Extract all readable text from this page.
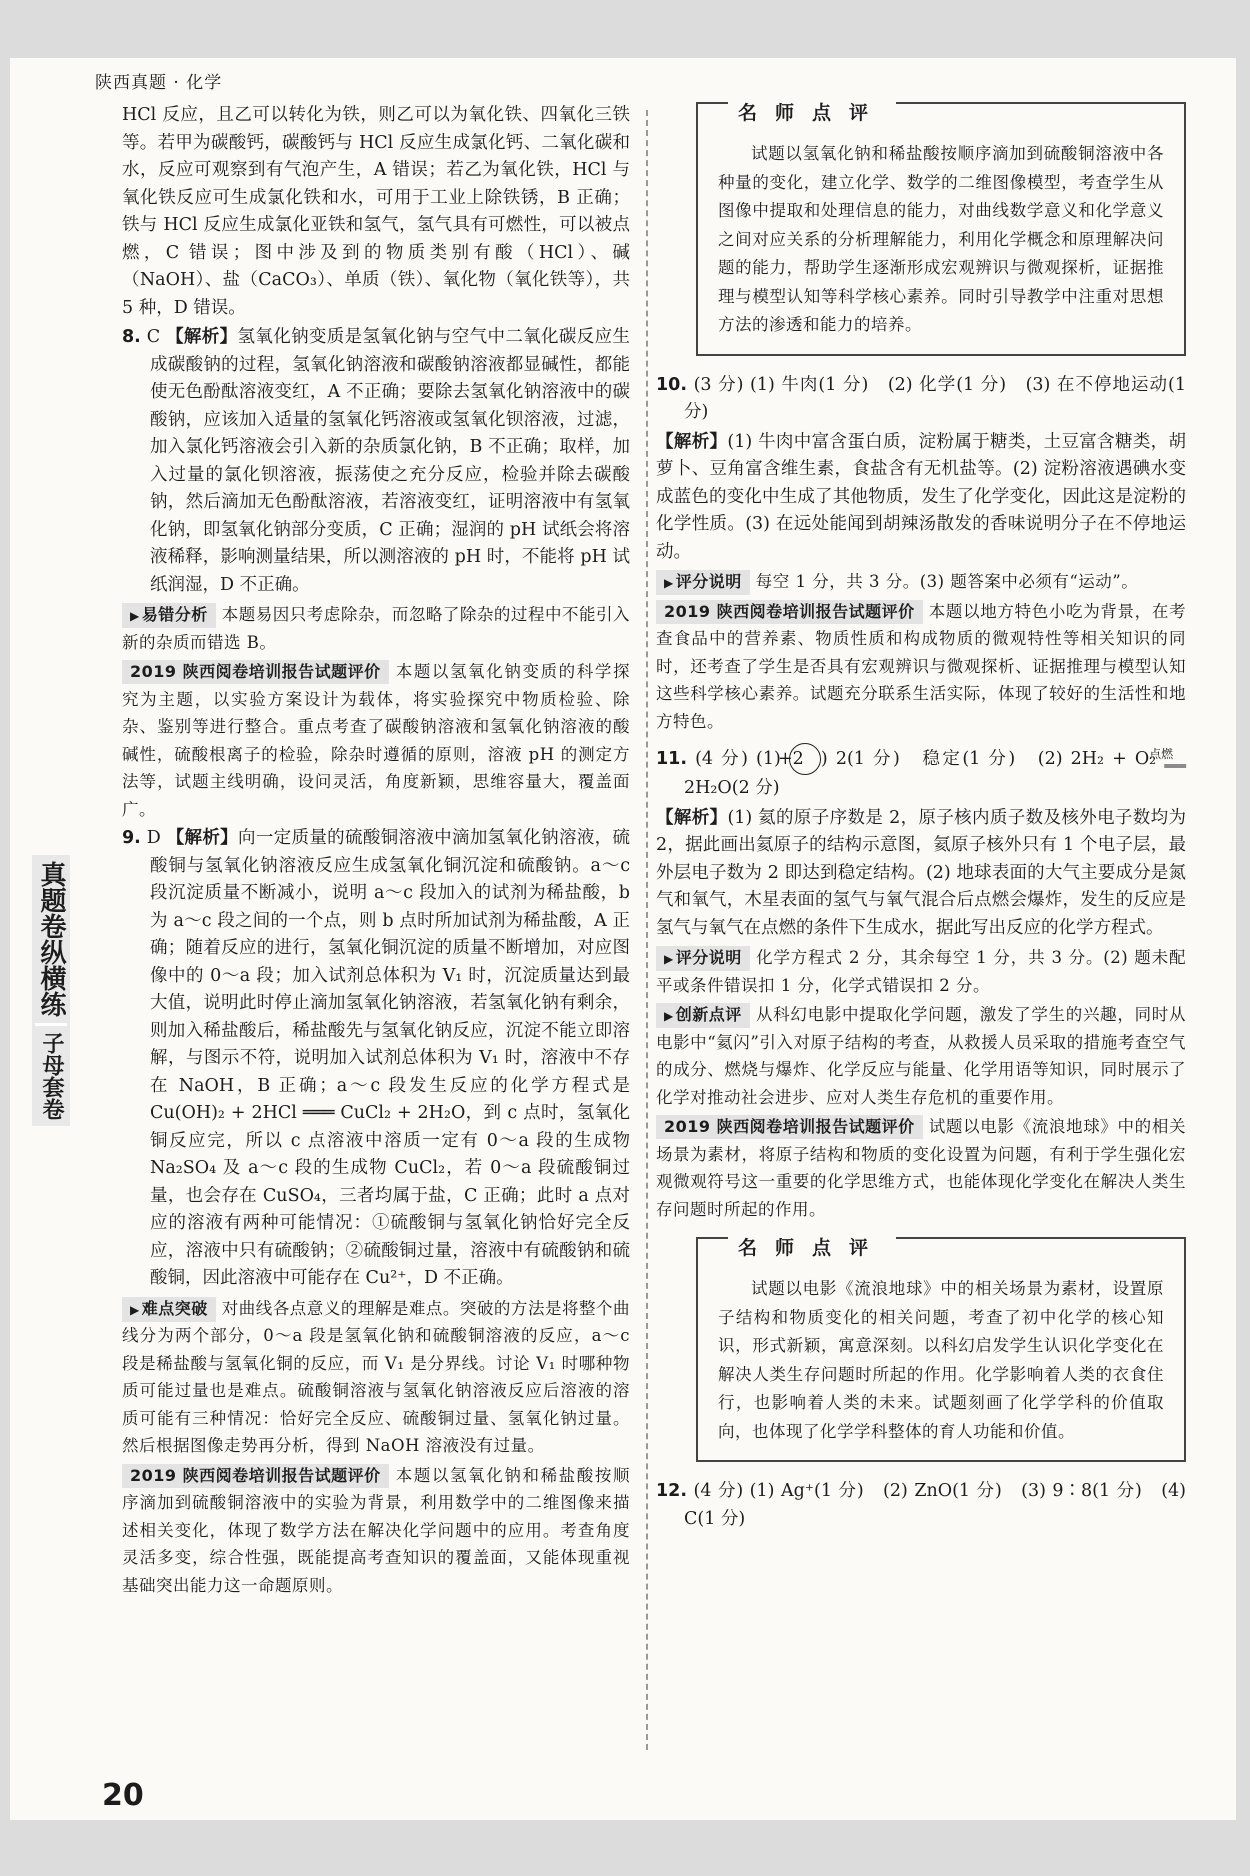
陕西真题 · 化学
真题卷纵横练
子母套卷

HCl 反应，且乙可以转化为铁，则乙可以为氧化铁、四氧化三铁等。若甲为碳酸钙，碳酸钙与 HCl 反应生成氯化钙、二氧化碳和水，反应可观察到有气泡产生，A 错误；若乙为氧化铁，HCl 与氧化铁反应可生成氯化铁和水，可用于工业上除铁锈，B 正确；铁与 HCl 反应生成氯化亚铁和氢气，氢气具有可燃性，可以被点燃，C 错误；图中涉及到的物质类别有酸（HCl）、碱（NaOH）、盐（CaCO₃）、单质（铁）、氧化物（氧化铁等），共 5 种，D 错误。

8. C 【解析】氢氧化钠变质是氢氧化钠与空气中二氧化碳反应生成碳酸钠的过程，氢氧化钠溶液和碳酸钠溶液都显碱性，都能使无色酚酞溶液变红，A 不正确；要除去氢氧化钠溶液中的碳酸钠，应该加入适量的氢氧化钙溶液或氢氧化钡溶液，过滤，加入氯化钙溶液会引入新的杂质氯化钠，B 不正确；取样，加入过量的氯化钡溶液，振荡使之充分反应，检验并除去碳酸钠，然后滴加无色酚酞溶液，若溶液变红，证明溶液中有氢氧化钠，即氢氧化钠部分变质，C 正确；湿润的 pH 试纸会将溶液稀释，影响测量结果，所以测溶液的 pH 时，不能将 pH 试纸润湿，D 不正确。

▶ 易错分析 本题易因只考虑除杂，而忽略了除杂的过程中不能引入新的杂质而错选 B。

2019 陕西阅卷培训报告试题评价 本题以氢氧化钠变质的科学探究为主题，以实验方案设计为载体，将实验探究中物质检验、除杂、鉴别等进行整合。重点考查了碳酸钠溶液和氢氧化钠溶液的酸碱性，硫酸根离子的检验，除杂时遵循的原则，溶液 pH 的测定方法等，试题主线明确，设问灵活，角度新颖，思维容量大，覆盖面广。

9. D 【解析】向一定质量的硫酸铜溶液中滴加氢氧化钠溶液，硫酸铜与氢氧化钠溶液反应生成氢氧化铜沉淀和硫酸钠。a～c 段沉淀质量不断减小，说明 a～c 段加入的试剂为稀盐酸，b 为 a～c 段之间的一个点，则 b 点时所加试剂为稀盐酸，A 正确；随着反应的进行，氢氧化铜沉淀的质量不断增加，对应图像中的 0～a 段；加入试剂总体积为 V₁ 时，沉淀质量达到最大值，说明此时停止滴加氢氧化钠溶液，若氢氧化钠有剩余，则加入稀盐酸后，稀盐酸先与氢氧化钠反应，沉淀不能立即溶解，与图示不符，说明加入试剂总体积为 V₁ 时，溶液中不存在 NaOH，B 正确；a～c 段发生反应的化学方程式是 Cu(OH)₂ + 2HCl ═══ CuCl₂ + 2H₂O，到 c 点时，氢氧化铜反应完，所以 c 点溶液中溶质一定有 0～a 段的生成物 Na₂SO₄ 及 a～c 段的生成物 CuCl₂，若 0～a 段硫酸铜过量，也会存在 CuSO₄，三者均属于盐，C 正确；此时 a 点对应的溶液有两种可能情况：①硫酸铜与氢氧化钠恰好完全反应，溶液中只有硫酸钠；②硫酸铜过量，溶液中有硫酸钠和硫酸铜，因此溶液中可能存在 Cu²⁺，D 不正确。

▶ 难点突破 对曲线各点意义的理解是难点。突破的方法是将整个曲线分为两个部分，0～a 段是氢氧化钠和硫酸铜溶液的反应，a～c 段是稀盐酸与氢氧化铜的反应，而 V₁ 是分界线。讨论 V₁ 时哪种物质可能过量也是难点。硫酸铜溶液与氢氧化钠溶液反应后溶液的溶质可能有三种情况：恰好完全反应、硫酸铜过量、氢氧化钠过量。然后根据图像走势再分析，得到 NaOH 溶液没有过量。

2019 陕西阅卷培训报告试题评价 本题以氢氧化钠和稀盐酸按顺序滴加到硫酸铜溶液中的实验为背景，利用数学中的二维图像来描述相关变化，体现了数学方法在解决化学问题中的应用。考查角度灵活多变，综合性强，既能提高考查知识的覆盖面，又能体现重视基础突出能力这一命题原则。

名师点评

试题以氢氧化钠和稀盐酸按顺序滴加到硫酸铜溶液中各种量的变化，建立化学、数学的二维图像模型，考查学生从图像中提取和处理信息的能力，对曲线数学意义和化学意义之间对应关系的分析理解能力，利用化学概念和原理解决问题的能力，帮助学生逐渐形成宏观辨识与微观探析，证据推理与模型认知等科学核心素养。同时引导教学中注重对思想方法的渗透和能力的培养。

10. (3 分) (1) 牛肉(1 分)　(2) 化学(1 分)　(3) 在不停地运动(1 分)

【解析】(1) 牛肉中富含蛋白质，淀粉属于糖类，土豆富含糖类，胡萝卜、豆角富含维生素，食盐含有无机盐等。(2) 淀粉溶液遇碘水变成蓝色的变化中生成了其他物质，发生了化学变化，因此这是淀粉的化学性质。(3) 在远处能闻到胡辣汤散发的香味说明分子在不停地运动。

▶ 评分说明 每空 1 分，共 3 分。(3) 题答案中必须有“运动”。

2019 陕西阅卷培训报告试题评价 本题以地方特色小吃为背景，在考查食品中的营养素、物质性质和构成物质的微观特性等相关知识的同时，还考查了学生是否具有宏观辨识与微观探析、证据推理与模型认知这些科学核心素养。试题充分联系生活实际，体现了较好的生活性和地方特色。

11. (4 分) (1) +2 ) 2(1 分)　稳定(1 分)　(2) 2H₂ + O₂ 点燃
═══ 2H₂O(2 分)

【解析】(1) 氦的原子序数是 2，原子核内质子数及核外电子数均为 2，据此画出氦原子的结构示意图，氦原子核外只有 1 个电子层，最外层电子数为 2 即达到稳定结构。(2) 地球表面的大气主要成分是氮气和氧气，木星表面的氢气与氧气混合后点燃会爆炸，发生的反应是氢气与氧气在点燃的条件下生成水，据此写出反应的化学方程式。

▶ 评分说明 化学方程式 2 分，其余每空 1 分，共 3 分。(2) 题未配平或条件错误扣 1 分，化学式错误扣 2 分。

▶ 创新点评 从科幻电影中提取化学问题，激发了学生的兴趣，同时从电影中“氦闪”引入对原子结构的考查，从救援人员采取的措施考查空气的成分、燃烧与爆炸、化学反应与能量、化学用语等知识，同时展示了化学对推动社会进步、应对人类生存危机的重要作用。

2019 陕西阅卷培训报告试题评价 试题以电影《流浪地球》中的相关场景为素材，将原子结构和物质的变化设置为问题，有利于学生强化宏观微观符号这一重要的化学思维方式，也能体现化学变化在解决人类生存问题时所起的作用。

名师点评

试题以电影《流浪地球》中的相关场景为素材，设置原子结构和物质变化的相关问题，考查了初中化学的核心知识，形式新颖，寓意深刻。以科幻启发学生认识化学变化在解决人类生存问题时所起的作用。化学影响着人类的衣食住行，也影响着人类的未来。试题刻画了化学学科的价值取向，也体现了化学学科整体的育人功能和价值。

12. (4 分) (1) Ag⁺(1 分)　(2) ZnO(1 分)　(3) 9∶8(1 分)　(4) C(1 分)

20
